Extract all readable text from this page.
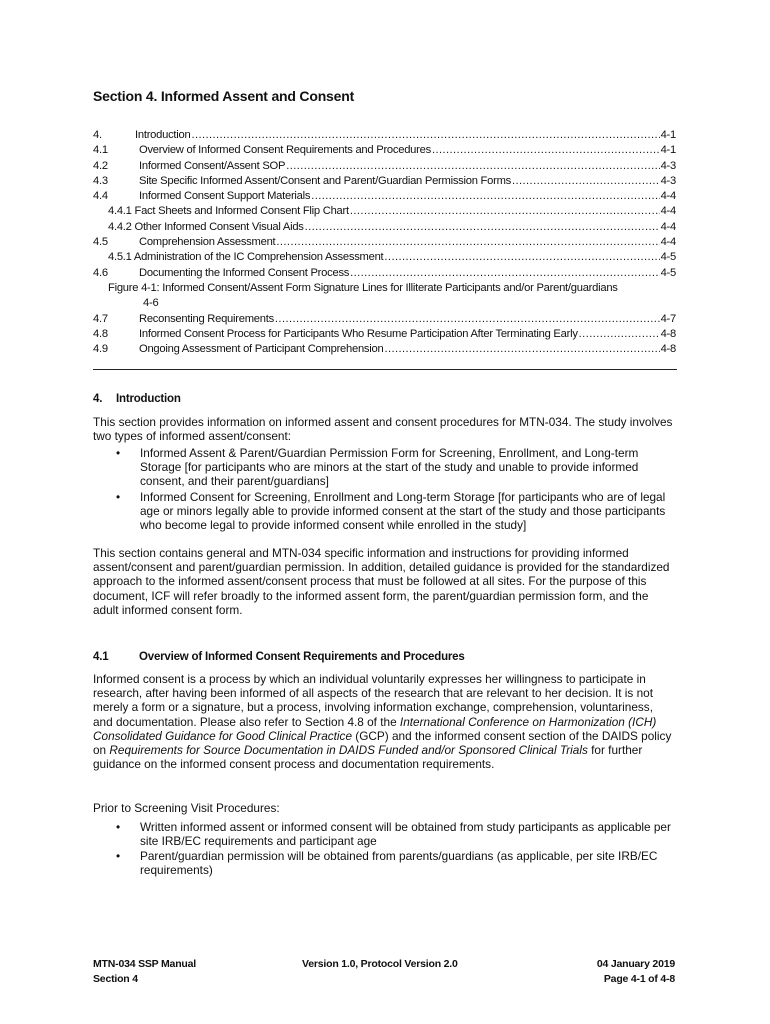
Section 4. Informed Assent and Consent
4.	Introduction .....	4-1
4.1	Overview of Informed Consent Requirements and Procedures .....	4-1
4.2	Informed Consent/Assent SOP .....	4-3
4.3	Site Specific Informed Assent/Consent and Parent/Guardian Permission Forms .....	4-3
4.4	Informed Consent Support Materials .....	4-4
4.4.1 Fact Sheets and Informed Consent Flip Chart .....	4-4
4.4.2 Other Informed Consent Visual Aids .....	4-4
4.5	Comprehension Assessment .....	4-4
4.5.1 Administration of the IC Comprehension Assessment .....	4-5
4.6	Documenting the Informed Consent Process .....	4-5
Figure 4-1: Informed Consent/Assent Form Signature Lines for Illiterate Participants and/or Parent/guardians
4-6
4.7	Reconsenting Requirements .....	4-7
4.8	Informed Consent Process for Participants Who Resume Participation After Terminating Early .....	4-8
4.9	Ongoing Assessment of Participant Comprehension .....	4-8
4. Introduction
This section provides information on informed assent and consent procedures for MTN-034. The study involves two types of informed assent/consent:
• Informed Assent & Parent/Guardian Permission Form for Screening, Enrollment, and Long-term Storage [for participants who are minors at the start of the study and unable to provide informed consent, and their parent/guardians]
• Informed Consent for Screening, Enrollment and Long-term Storage [for participants who are of legal age or minors legally able to provide informed consent at the start of the study and those participants who become legal to provide informed consent while enrolled in the study]
This section contains general and MTN-034 specific information and instructions for providing informed assent/consent and parent/guardian permission. In addition, detailed guidance is provided for the standardized approach to the informed assent/consent process that must be followed at all sites. For the purpose of this document, ICF will refer broadly to the informed assent form, the parent/guardian permission form, and the adult informed consent form.
4.1	Overview of Informed Consent Requirements and Procedures
Informed consent is a process by which an individual voluntarily expresses her willingness to participate in research, after having been informed of all aspects of the research that are relevant to her decision. It is not merely a form or a signature, but a process, involving information exchange, comprehension, voluntariness, and documentation. Please also refer to Section 4.8 of the International Conference on Harmonization (ICH) Consolidated Guidance for Good Clinical Practice (GCP) and the informed consent section of the DAIDS policy on Requirements for Source Documentation in DAIDS Funded and/or Sponsored Clinical Trials for further guidance on the informed consent process and documentation requirements.
Prior to Screening Visit Procedures:
• Written informed assent or informed consent will be obtained from study participants as applicable per site IRB/EC requirements and participant age
• Parent/guardian permission will be obtained from parents/guardians (as applicable, per site IRB/EC requirements)
MTN-034 SSP Manual
Section 4
Version 1.0, Protocol Version 2.0	04 January 2019
Page 4-1 of 4-8
